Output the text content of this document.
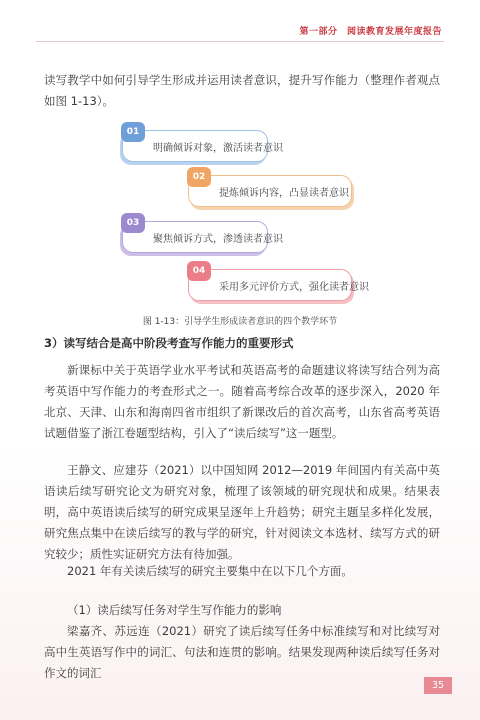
第一部分　阅读教育发展年度报告

读写教学中如何引导学生形成并运用读者意识，提升写作能力（整理作者观点如图 1-13）。

01
明确倾诉对象，激活读者意识
02
提炼倾诉内容，凸显读者意识
03
聚焦倾诉方式，渗透读者意识
04
采用多元评价方式，强化读者意识
图 1-13：引导学生形成读者意识的四个教学环节
3）读写结合是高中阶段考查写作能力的重要形式

新课标中关于英语学业水平考试和英语高考的命题建议将读写结合列为高考英语中写作能力的考查形式之一。随着高考综合改革的逐步深入，2020 年北京、天津、山东和海南四省市组织了新课改后的首次高考，山东省高考英语试题借鉴了浙江卷题型结构，引入了“读后续写”这一题型。

王静文、应建芬（2021）以中国知网 2012—2019 年间国内有关高中英语读后续写研究论文为研究对象，梳理了该领域的研究现状和成果。结果表明，高中英语读后续写的研究成果呈逐年上升趋势；研究主题呈多样化发展，研究焦点集中在读后续写的教与学的研究，针对阅读文本选材、续写方式的研究较少；质性实证研究方法有待加强。

2021 年有关读后续写的研究主要集中在以下几个方面。

（1）读后续写任务对学生写作能力的影响

梁嘉齐、苏远连（2021）研究了读后续写任务中标准续写和对比续写对高中生英语写作中的词汇、句法和连贯的影响。结果发现两种读后续写任务对作文的词汇

35
